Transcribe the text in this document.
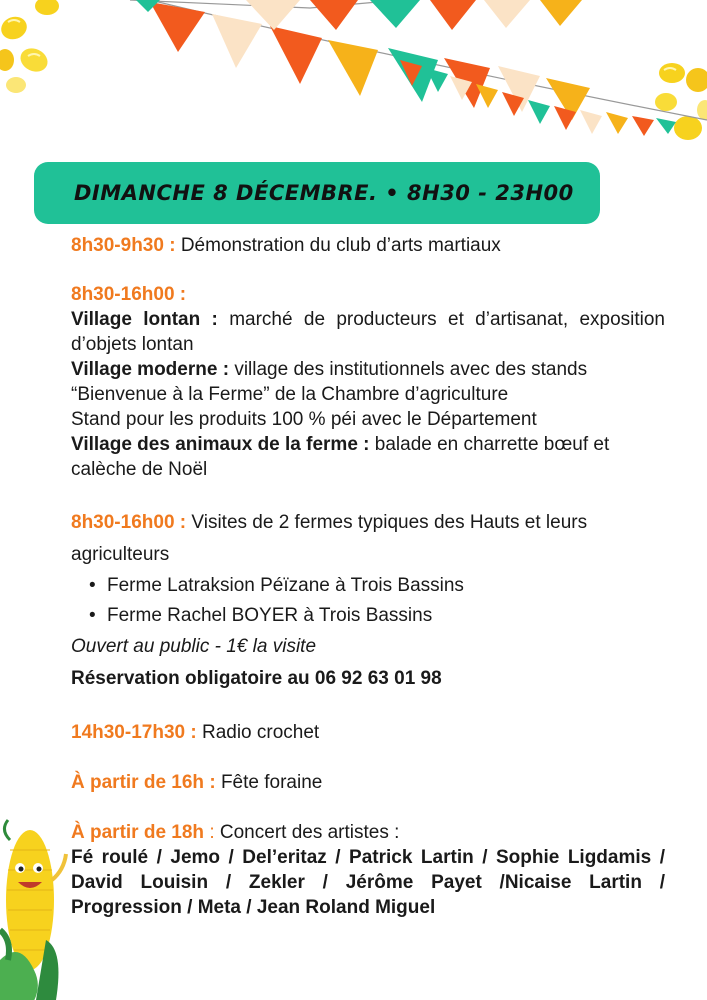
DIMANCHE 8 DÉCEMBRE. • 8H30 - 23H00

8h30-9h30 : Démonstration du club d’arts martiaux

8h30-16h00 :

Village lontan : marché de producteurs et d’artisanat, exposition d’objets lontan

Village moderne : village des institutionnels avec des stands “Bienvenue à la Ferme” de la Chambre d’agriculture

Stand pour les produits 100 % péi avec le Département

Village des animaux de la ferme : balade en charrette bœuf et calèche de Noël

8h30-16h00 : Visites de 2 fermes typiques des Hauts et leurs agriculteurs

• Ferme Latraksion Péïzane à Trois Bassins
• Ferme Rachel BOYER à Trois Bassins

Ouvert au public - 1€ la visite

Réservation obligatoire au 06 92 63 01 98

14h30-17h30 : Radio crochet

À partir de 16h : Fête foraine

À partir de 18h : Concert des artistes :

Fé roulé / Jemo / Del’eritaz / Patrick Lartin / Sophie Ligdamis / David Louisin / Zekler / Jérôme Payet /Nicaise Lartin / Progression / Meta / Jean Roland Miguel
